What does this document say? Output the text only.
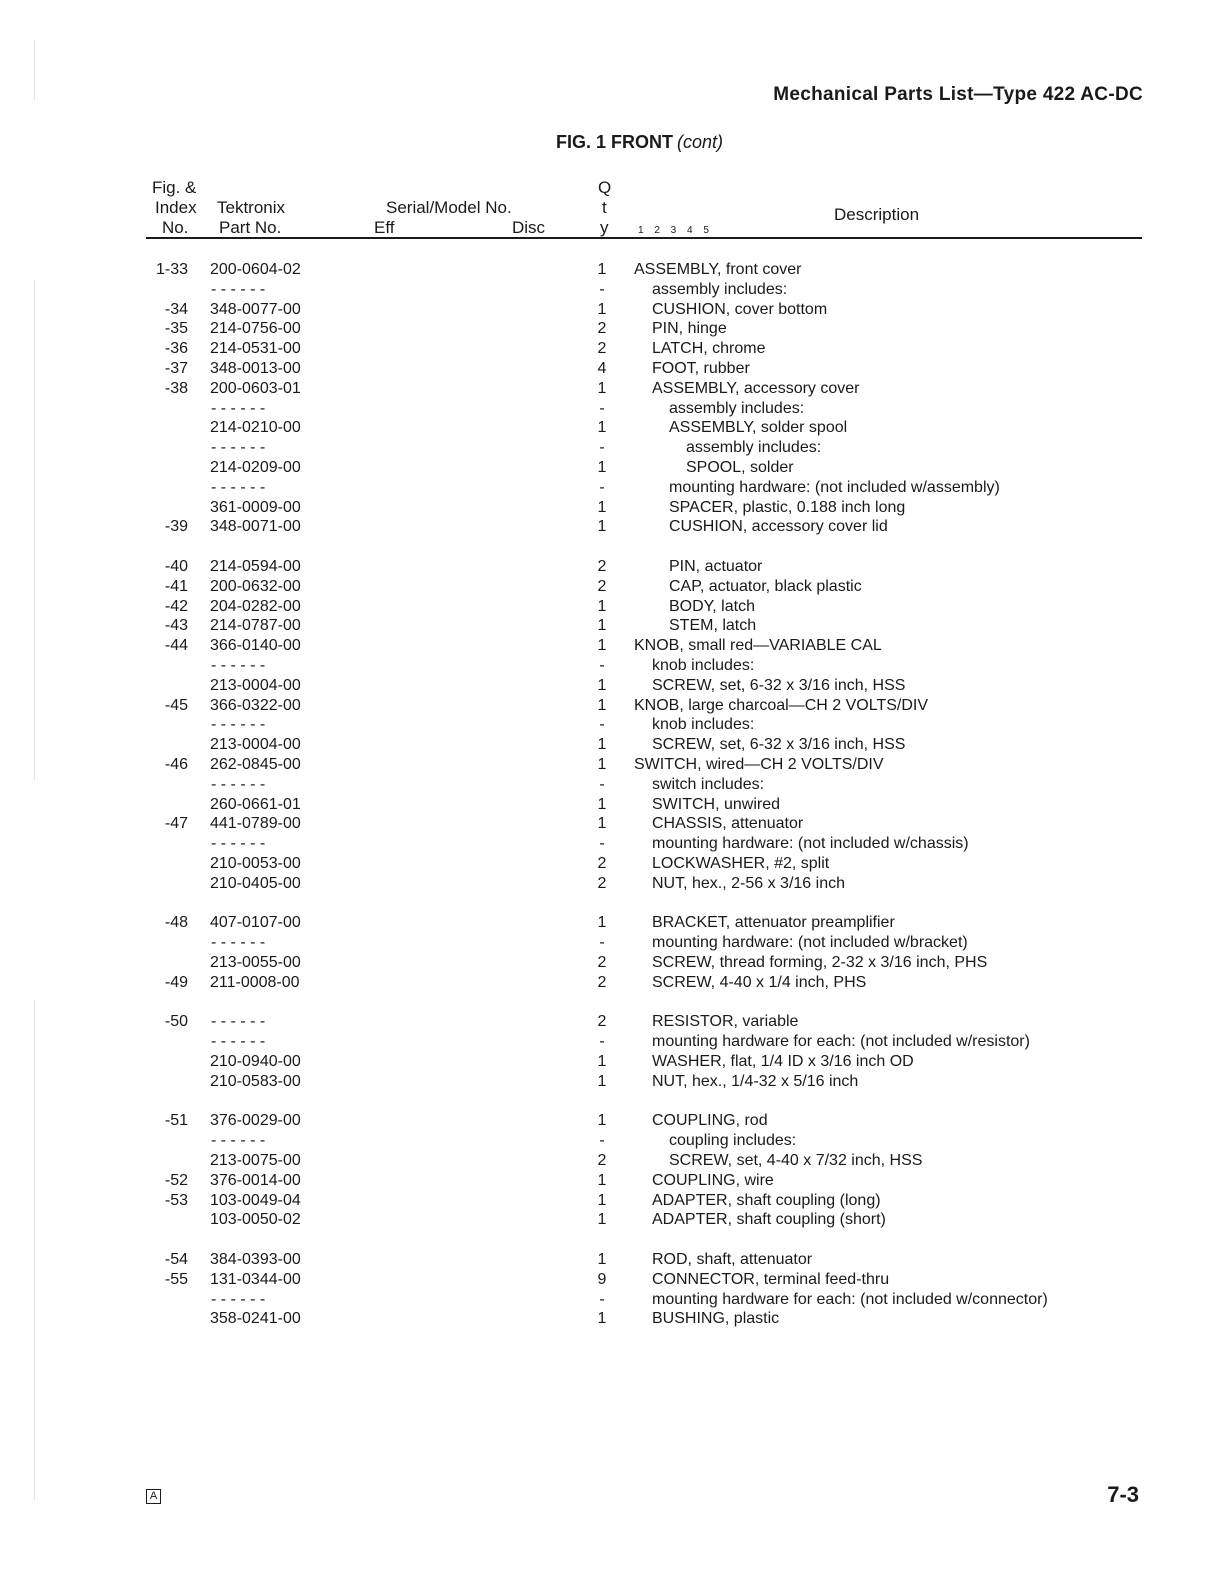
Mechanical Parts List—Type 422 AC-DC
FIG. 1 FRONT (cont)
Fig. &
Index
No.
Tektronix
Part No.
Serial/Model No.
Eff	Disc
Q
t
y	1 2 3 4 5
Description
1-33 200-0604-02	1 ASSEMBLY, front cover
- - - - - -	-	assembly includes:
-34 348-0077-00	1	CUSHION, cover bottom
-35 214-0756-00	2	PIN, hinge
-36 214-0531-00	2	LATCH, chrome
-37 348-0013-00	4	FOOT, rubber
-38 200-0603-01	1	ASSEMBLY, accessory cover
- - - - - -	-	assembly includes:
214-0210-00	1	ASSEMBLY, solder spool
- - - - - -	-	assembly includes:
214-0209-00	1	SPOOL, solder
- - - - - -	-	mounting hardware: (not included w/assembly)
361-0009-00	1	SPACER, plastic, 0.188 inch long
-39 348-0071-00	1	CUSHION, accessory cover lid
-40 214-0594-00	2	PIN, actuator
-41 200-0632-00	2	CAP, actuator, black plastic
-42 204-0282-00	1	BODY, latch
-43 214-0787-00	1	STEM, latch
-44 366-0140-00	1 KNOB, small red—VARIABLE CAL
- - - - - -	-	knob includes:
213-0004-00	1	SCREW, set, 6-32 x 3/16 inch, HSS
-45 366-0322-00	1 KNOB, large charcoal—CH 2 VOLTS/DIV
- - - - - -	-	knob includes:
213-0004-00	1	SCREW, set, 6-32 x 3/16 inch, HSS
-46 262-0845-00	1 SWITCH, wired—CH 2 VOLTS/DIV
- - - - - -	-	switch includes:
260-0661-01	1	SWITCH, unwired
-47 441-0789-00	1	CHASSIS, attenuator
- - - - - -	-	mounting hardware: (not included w/chassis)
210-0053-00	2	LOCKWASHER, #2, split
210-0405-00	2	NUT, hex., 2-56 x 3/16 inch
-48 407-0107-00	1	BRACKET, attenuator preamplifier
- - - - - -	-	mounting hardware: (not included w/bracket)
213-0055-00	2	SCREW, thread forming, 2-32 x 3/16 inch, PHS
-49 211-0008-00	2	SCREW, 4-40 x 1/4 inch, PHS
-50 - - - - - -	2	RESISTOR, variable
- - - - - -	-	mounting hardware for each: (not included w/resistor)
210-0940-00	1	WASHER, flat, 1/4 ID x 3/16 inch OD
210-0583-00	1	NUT, hex., 1/4-32 x 5/16 inch
-51 376-0029-00	1	COUPLING, rod
- - - - - -	-	coupling includes:
213-0075-00	2	SCREW, set, 4-40 x 7/32 inch, HSS
-52 376-0014-00	1	COUPLING, wire
-53 103-0049-04	1	ADAPTER, shaft coupling (long)
103-0050-02	1	ADAPTER, shaft coupling (short)
-54 384-0393-00	1	ROD, shaft, attenuator
-55 131-0344-00	9	CONNECTOR, terminal feed-thru
- - - - - -	-	mounting hardware for each: (not included w/connector)
358-0241-00	1	BUSHING, plastic
A	7-3
